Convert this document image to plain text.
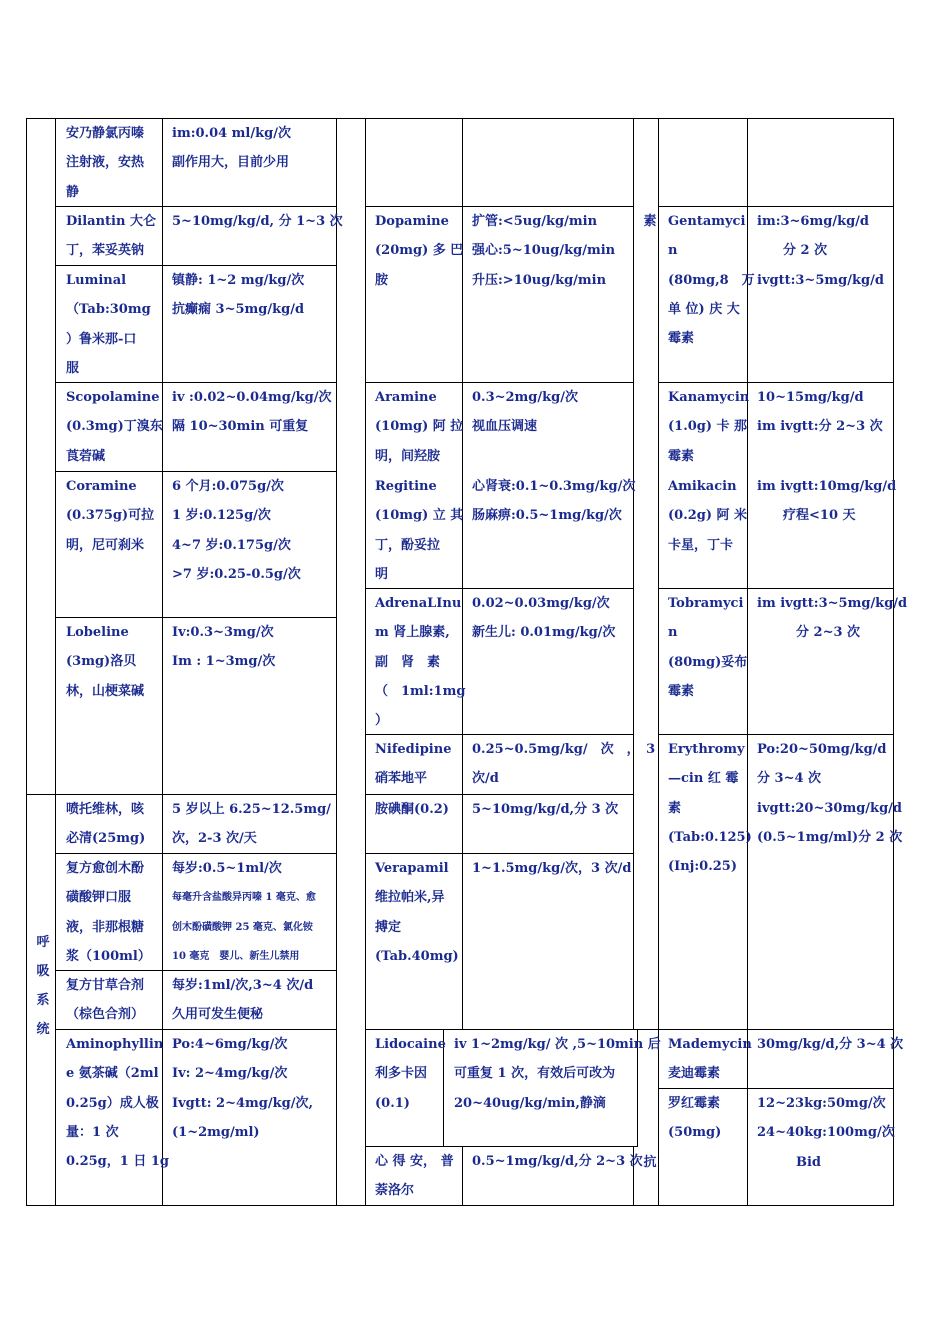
呼吸系统
素
抗
安乃静氯丙嗪
注射液，安热
静
im:0.04 ml/kg/次
副作用大，目前少用
Dilantin 大仑
丁，苯妥英钠
5~10mg/kg/d, 分 1~3 次
Luminal
（Tab:30mg
）鲁米那-口
服
镇静: 1~2 mg/kg/次
抗癫痫 3~5mg/kg/d
Scopolamine
(0.3mg)丁溴东
莨菪碱
iv :0.02~0.04mg/kg/次
隔 10~30min 可重复
Coramine
(0.375g)可拉
明，尼可刹米
6 个月:0.075g/次
1 岁:0.125g/次
4~7 岁:0.175g/次
>7 岁:0.25-0.5g/次
Lobeline
(3mg)洛贝
林，山梗菜碱
Iv:0.3~3mg/次
Im : 1~3mg/次
喷托维林，咳
必清(25mg)
5 岁以上 6.25~12.5mg/
次，2-3 次/天
复方愈创木酚
磺酸钾口服
液，非那根糖
浆（100ml）
每岁:0.5~1ml/次
每毫升含盐酸异丙嗪 1 毫克、愈
创木酚磺酸钾 25 毫克、氯化铵
10 毫克　婴儿、新生儿禁用
复方甘草合剂
（棕色合剂）
每岁:1ml/次,3~4 次/d
久用可发生便秘
Aminophyllin
e 氨茶碱（2ml
0.25g）成人极
量：1 次
0.25g，1 日 1g
Po:4~6mg/kg/次
Iv: 2~4mg/kg/次
Ivgtt: 2~4mg/kg/次,
(1~2mg/ml)
Dopamine
(20mg) 多 巴
胺
扩管:<5ug/kg/min
强心:5~10ug/kg/min
升压:>10ug/kg/min
Aramine
(10mg) 阿 拉
明，间羟胺
0.3~2mg/kg/次
视血压调速
Regitine
(10mg) 立 其
丁，酚妥拉
明
心肾衰:0.1~0.3mg/kg/次
肠麻痹:0.5~1mg/kg/次
AdrenaLInu
m 肾上腺素,
副　肾　素
（　1ml:1mg
）
0.02~0.03mg/kg/次
新生儿: 0.01mg/kg/次
Nifedipine
硝苯地平
0.25~0.5mg/kg/　次　，　3
次/d
胺碘酮(0.2) 5~10mg/kg/d,分 3 次
Verapamil
维拉帕米,异
搏定
(Tab.40mg)
1~1.5mg/kg/次，3 次/d
Lidocaine
利多卡因
(0.1)
iv 1~2mg/kg/ 次 ,5~10min 后
可重复 1 次，有效后可改为
20~40ug/kg/min,静滴
心 得 安， 普
萘洛尔
0.5~1mg/kg/d,分 2~3 次
Gentamyci
n
(80mg,8　万
单 位) 庆 大
霉素
im:3~6mg/kg/d
　　分 2 次
ivgtt:3~5mg/kg/d
Kanamycin
(1.0g) 卡 那
霉素
10~15mg/kg/d
im ivgtt:分 2~3 次
Amikacin
(0.2g) 阿 米
卡星，丁卡
im ivgtt:10mg/kg/d
　　疗程<10 天
Tobramyci
n
(80mg)妥布
霉素
im ivgtt:3~5mg/kg/d
　　　分 2~3 次
Erythromy
—cin 红 霉
素
(Tab:0.125)
(Inj:0.25)
Po:20~50mg/kg/d
分 3~4 次
ivgtt:20~30mg/kg/d
(0.5~1mg/ml)分 2 次
Mademycin
麦迪霉素
30mg/kg/d,分 3~4 次
罗红霉素
(50mg)
12~23kg:50mg/次
24~40kg:100mg/次
　　　Bid
